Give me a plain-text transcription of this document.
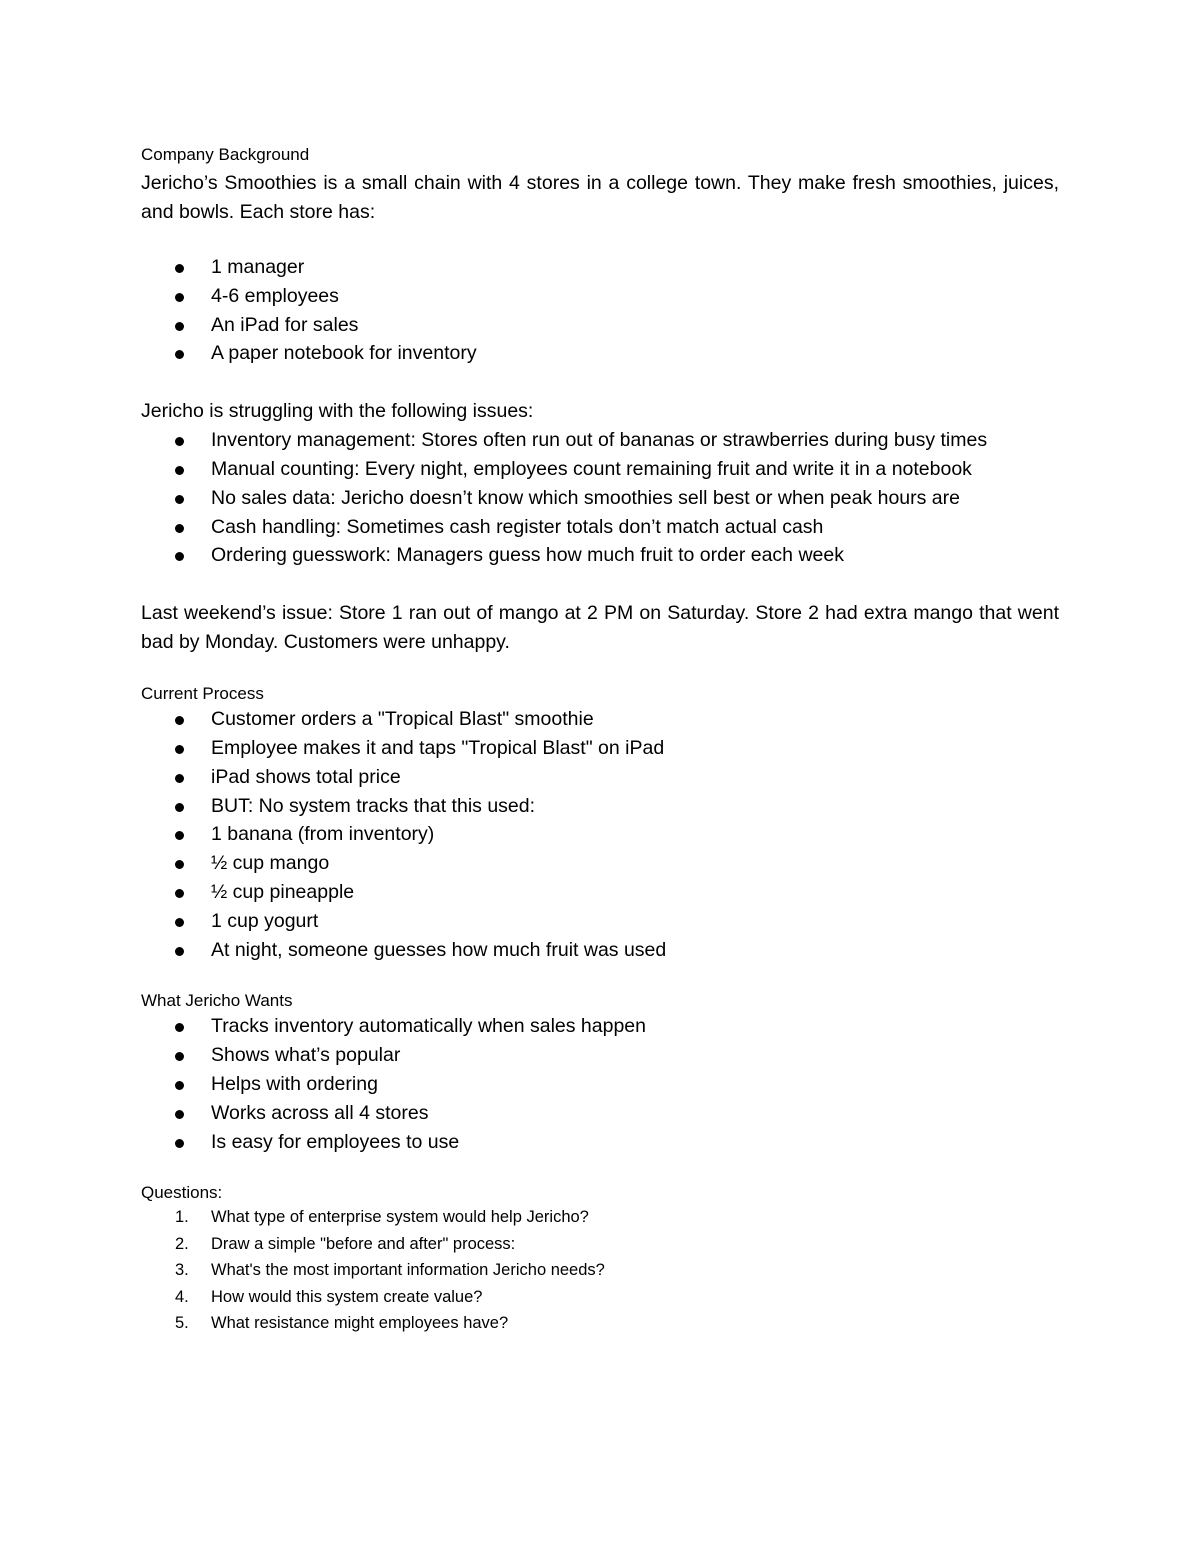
Company Background

Jericho’s Smoothies is a small chain with 4 stores in a college town. They make fresh smoothies, juices, and bowls. Each store has:

1 manager
4-6 employees
An iPad for sales
A paper notebook for inventory

Jericho is struggling with the following issues:

Inventory management: Stores often run out of bananas or strawberries during busy times
Manual counting: Every night, employees count remaining fruit and write it in a notebook
No sales data: Jericho doesn’t know which smoothies sell best or when peak hours are
Cash handling: Sometimes cash register totals don’t match actual cash
Ordering guesswork: Managers guess how much fruit to order each week

Last weekend’s issue: Store 1 ran out of mango at 2 PM on Saturday. Store 2 had extra mango that went bad by Monday. Customers were unhappy.

Current Process

Customer orders a "Tropical Blast" smoothie
Employee makes it and taps "Tropical Blast" on iPad
iPad shows total price
BUT: No system tracks that this used:
1 banana (from inventory)
½ cup mango
½ cup pineapple
1 cup yogurt
At night, someone guesses how much fruit was used

What Jericho Wants

Tracks inventory automatically when sales happen
Shows what’s popular
Helps with ordering
Works across all 4 stores
Is easy for employees to use

Questions:

1. What type of enterprise system would help Jericho?
2. Draw a simple "before and after" process:
3. What's the most important information Jericho needs?
4. How would this system create value?
5. What resistance might employees have?
